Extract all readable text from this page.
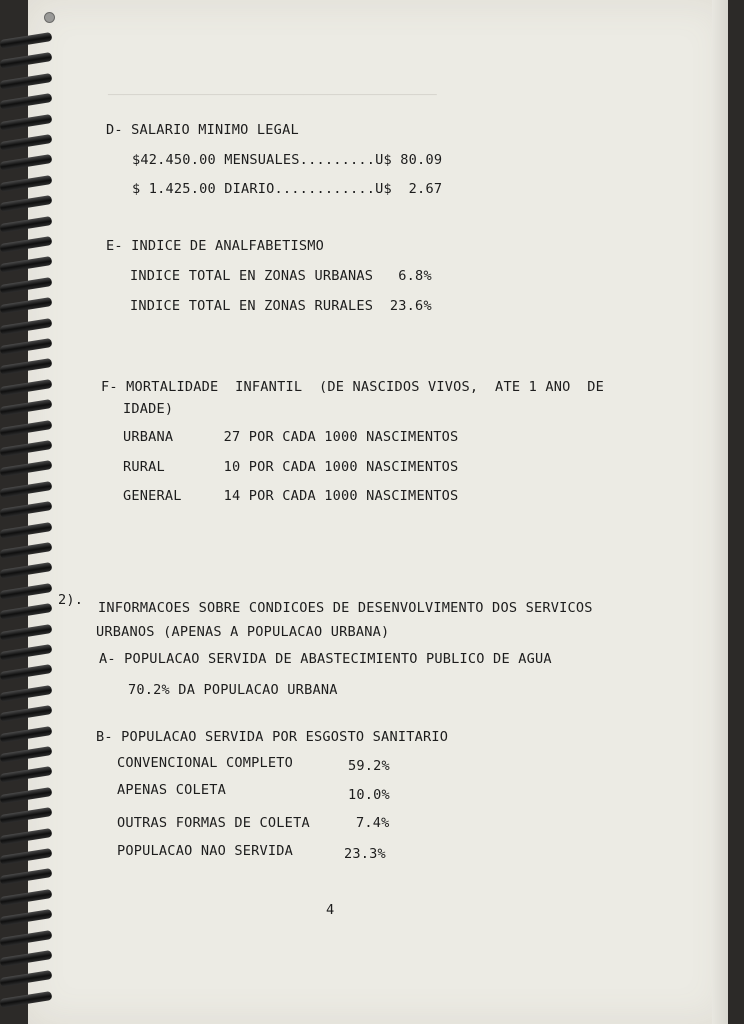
──────────────────────────────────────────
D- SALARIO MINIMO LEGAL
$42.450.00 MENSUALES.........U$ 80.09
$ 1.425.00 DIARIO............U$  2.67
E- INDICE DE ANALFABETISMO
INDICE TOTAL EN ZONAS URBANAS   6.8%
INDICE TOTAL EN ZONAS RURALES  23.6%
F- MORTALIDADE  INFANTIL  (DE NASCIDOS VIVOS,  ATE 1 ANO  DE
IDADE)
URBANA      27 POR CADA 1000 NASCIMENTOS
RURAL       10 POR CADA 1000 NASCIMENTOS
GENERAL     14 POR CADA 1000 NASCIMENTOS
2). INFORMACOES SOBRE CONDICOES DE DESENVOLVIMENTO DOS SERVICOS
URBANOS (APENAS A POPULACAO URBANA)
A- POPULACAO SERVIDA DE ABASTECIMIENTO PUBLICO DE AGUA
70.2% DA POPULACAO URBANA
B- POPULACAO SERVIDA POR ESGOSTO SANITARIO
CONVENCIONAL COMPLETO	59.2%
APENAS COLETA	10.0%
OUTRAS FORMAS DE COLETA	7.4%
POPULACAO NAO SERVIDA	23.3%
4
